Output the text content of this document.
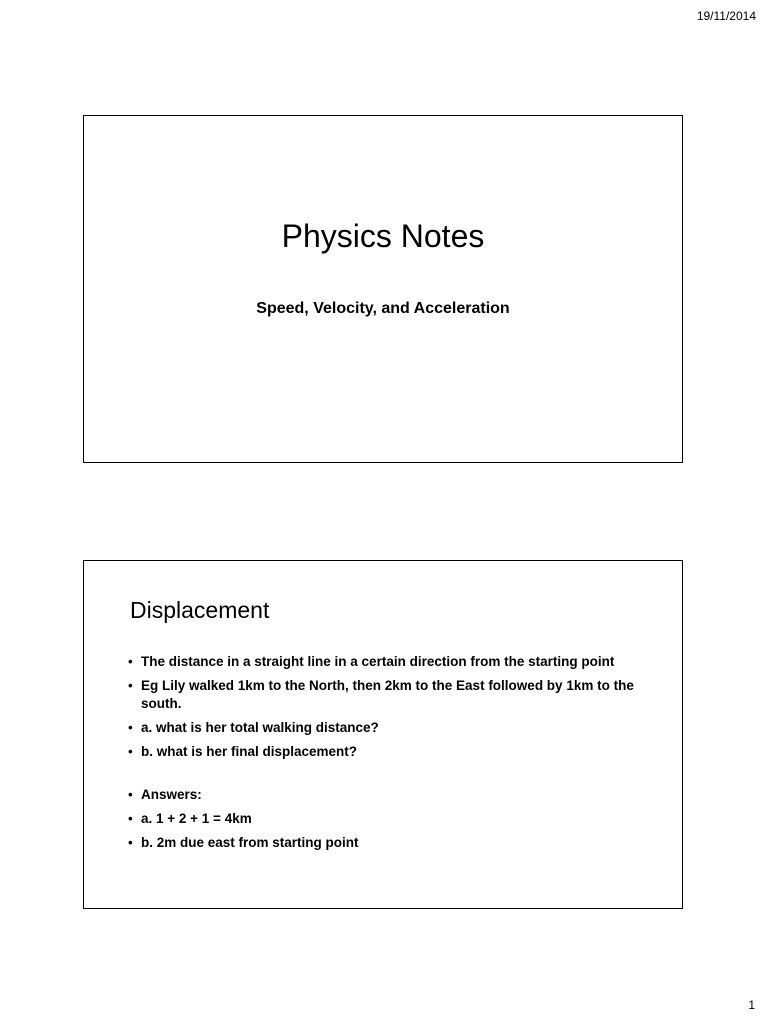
19/11/2014
Physics Notes

Speed, Velocity, and Acceleration

Displacement
• The distance in a straight line in a certain direction from the starting point
• Eg Lily walked 1km to the North, then 2km to the East followed by 1km to the south.
• a. what is her total walking distance?
• b. what is her final displacement?
• Answers:
• a. 1 + 2 + 1 = 4km
• b. 2m due east from starting point
1
